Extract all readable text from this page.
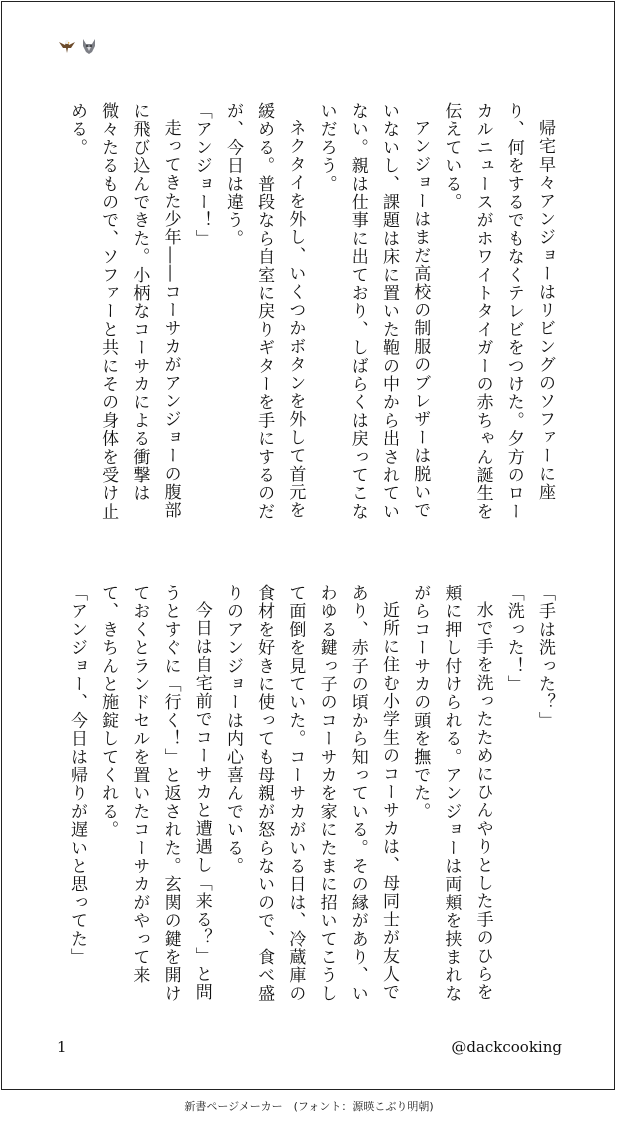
帰宅早々アンジョーはリビングのソファーに座り、何をするでもなくテレビをつけた。夕方のローカルニュースがホワイトタイガーの赤ちゃん誕生を伝えている。

アンジョーはまだ高校の制服のブレザーは脱いでいないし、課題は床に置いた鞄の中から出されていない。親は仕事に出ており、しばらくは戻ってこないだろう。

ネクタイを外し、いくつかボタンを外して首元を緩める。普段なら自室に戻りギターを手にするのだが、今日は違う。

「アンジョー！」

走ってきた少年――コーサカがアンジョーの腹部に飛び込んできた。小柄なコーサカによる衝撃は微々たるもので、ソファーと共にその身体を受け止める。

「手は洗った？」

「洗った！」

水で手を洗ったためにひんやりとした手のひらを頬に押し付けられる。アンジョーは両頬を挟まれながらコーサカの頭を撫でた。

近所に住む小学生のコーサカは、母同士が友人であり、赤子の頃から知っている。その縁があり、いわゆる鍵っ子のコーサカを家にたまに招いてこうして面倒を見ていた。コーサカがいる日は、冷蔵庫の食材を好きに使っても母親が怒らないので、食べ盛りのアンジョーは内心喜んでいる。

今日は自宅前でコーサカと遭遇し「来る？」と問うとすぐに「行く！」と返された。玄関の鍵を開けておくとランドセルを置いたコーサカがやって来て、きちんと施錠してくれる。

「アンジョー、今日は帰りが遅いと思ってた」

1	@dackcooking
新書ページメーカー　(フォント：源暎こぶり明朝)
